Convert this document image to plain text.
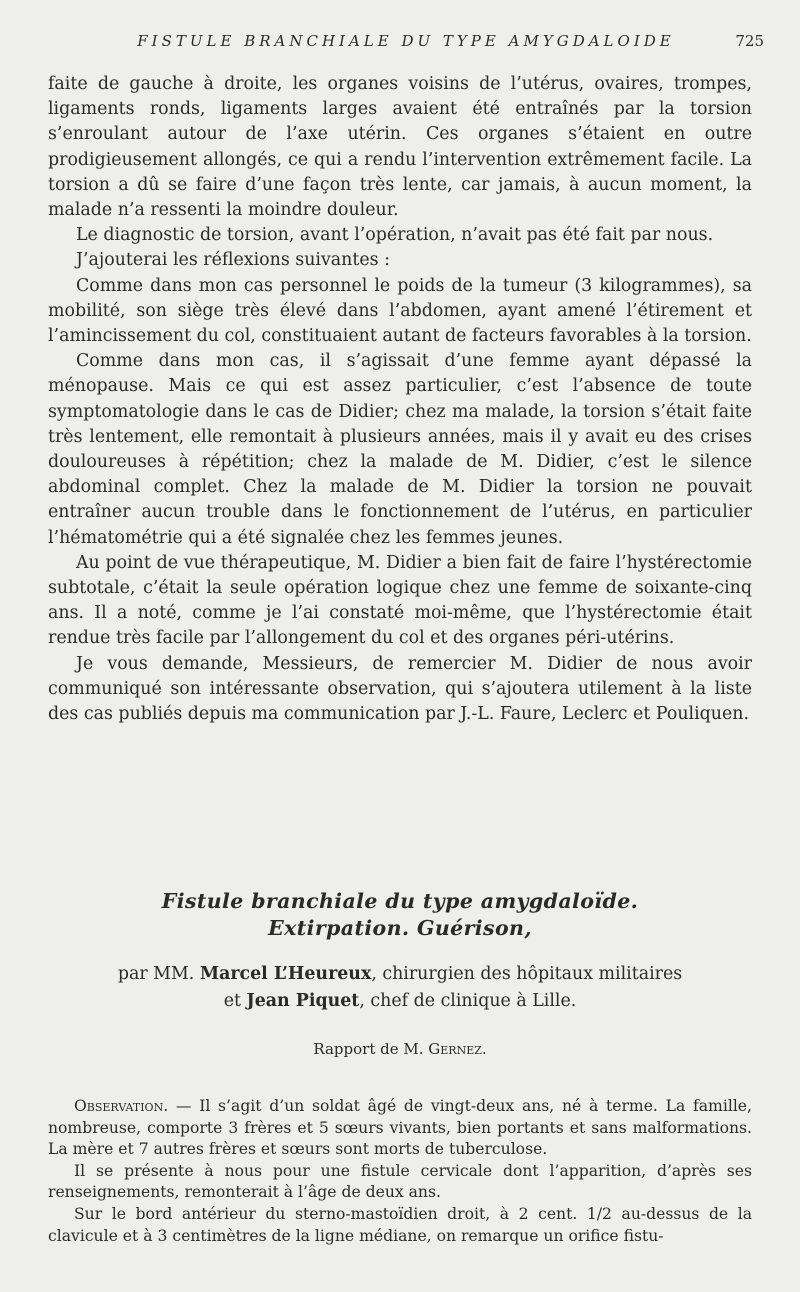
FISTULE BRANCHIALE DU TYPE AMYGDALOIDE	725

faite de gauche à droite, les organes voisins de l’utérus, ovaires, trompes, ligaments ronds, ligaments larges avaient été entraînés par la torsion s’enroulant autour de l’axe utérin. Ces organes s’étaient en outre prodigieusement allongés, ce qui a rendu l’intervention extrêmement facile. La torsion a dû se faire d’une façon très lente, car jamais, à aucun moment, la malade n’a ressenti la moindre douleur.

Le diagnostic de torsion, avant l’opération, n’avait pas été fait par nous.

J’ajouterai les réflexions suivantes :

Comme dans mon cas personnel le poids de la tumeur (3 kilogrammes), sa mobilité, son siège très élevé dans l’abdomen, ayant amené l’étirement et l’amincissement du col, constituaient autant de facteurs favorables à la torsion.

Comme dans mon cas, il s’agissait d’une femme ayant dépassé la ménopause. Mais ce qui est assez particulier, c’est l’absence de toute symptomatologie dans le cas de Didier; chez ma malade, la torsion s’était faite très lentement, elle remontait à plusieurs années, mais il y avait eu des crises douloureuses à répétition; chez la malade de M. Didier, c’est le silence abdominal complet. Chez la malade de M. Didier la torsion ne pouvait entraîner aucun trouble dans le fonctionnement de l’utérus, en particulier l’hématométrie qui a été signalée chez les femmes jeunes.

Au point de vue thérapeutique, M. Didier a bien fait de faire l’hystérectomie subtotale, c’était la seule opération logique chez une femme de soixante-cinq ans. Il a noté, comme je l’ai constaté moi-même, que l’hystérectomie était rendue très facile par l’allongement du col et des organes péri-utérins.

Je vous demande, Messieurs, de remercier M. Didier de nous avoir communiqué son intéressante observation, qui s’ajoutera utilement à la liste des cas publiés depuis ma communication par J.-L. Faure, Leclerc et Pouliquen.

Fistule branchiale du type amygdaloïde.
Extirpation. Guérison,
par MM. Marcel L’Heureux, chirurgien des hôpitaux militaires
et Jean Piquet, chef de clinique à Lille.
Rapport de M. Gernez.

Observation. — Il s’agit d’un soldat âgé de vingt-deux ans, né à terme. La famille, nombreuse, comporte 3 frères et 5 sœurs vivants, bien portants et sans malformations. La mère et 7 autres frères et sœurs sont morts de tuberculose.

Il se présente à nous pour une fistule cervicale dont l’apparition, d’après ses renseignements, remonterait à l’âge de deux ans.

Sur le bord antérieur du sterno-mastoïdien droit, à 2 cent. 1/2 au-dessus de la clavicule et à 3 centimètres de la ligne médiane, on remarque un orifice fistu-
